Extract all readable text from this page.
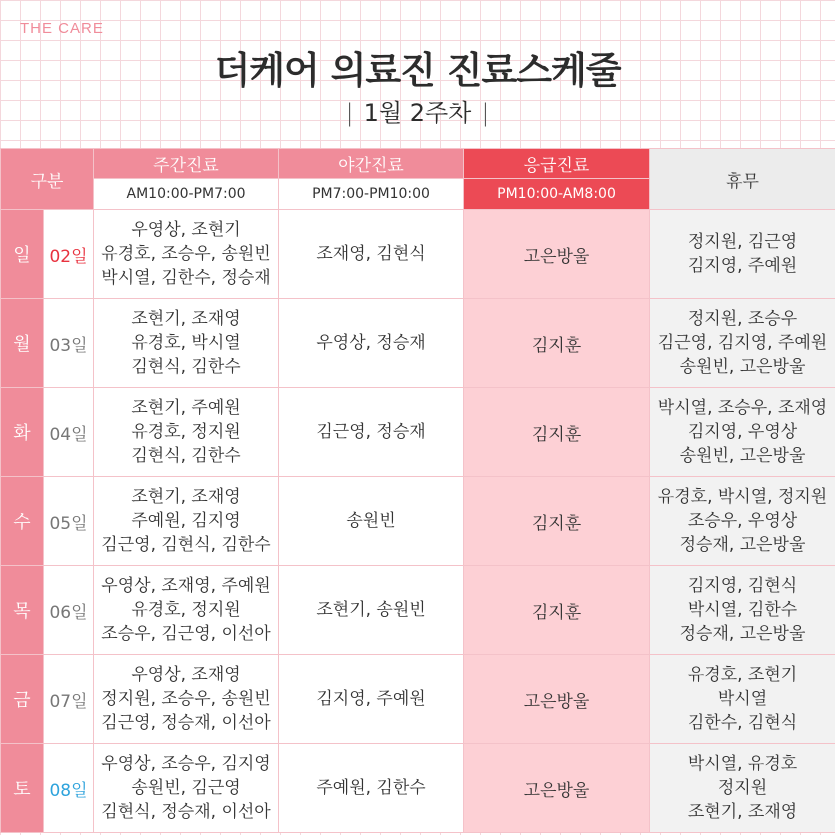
THE CARE
더케어 의료진 진료스케줄
| 1월 2주차 |
구분		주간진료	야간진료	응급진료	휴무
		AM10:00-PM7:00	PM7:00-PM10:00	PM10:00-AM8:00	
일	02일	우영상, 조현기
유경호, 조승우, 송원빈
박시열, 김한수, 정승재	조재영, 김현식	고은방울	정지원, 김근영
김지영, 주예원

월	03일	조현기, 조재영
유경호, 박시열
김현식, 김한수	우영상, 정승재	김지훈	정지원, 조승우
김근영, 김지영, 주예원
송원빈, 고은방울

화	04일	조현기, 주예원
유경호, 정지원
김현식, 김한수	김근영, 정승재	김지훈	박시열, 조승우, 조재영
김지영, 우영상
송원빈, 고은방울

수	05일	조현기, 조재영
주예원, 김지영
김근영, 김현식, 김한수	송원빈	김지훈	유경호, 박시열, 정지원
조승우, 우영상
정승재, 고은방울

목	06일	우영상, 조재영, 주예원
유경호, 정지원
조승우, 김근영, 이선아	조현기, 송원빈	김지훈	김지영, 김현식
박시열, 김한수
정승재, 고은방울

금	07일	우영상, 조재영
정지원, 조승우, 송원빈
김근영, 정승재, 이선아	김지영, 주예원	고은방울	유경호, 조현기
박시열
김한수, 김현식

토	08일	우영상, 조승우, 김지영
송원빈, 김근영
김현식, 정승재, 이선아	주예원, 김한수	고은방울	박시열, 유경호
정지원
조현기, 조재영
